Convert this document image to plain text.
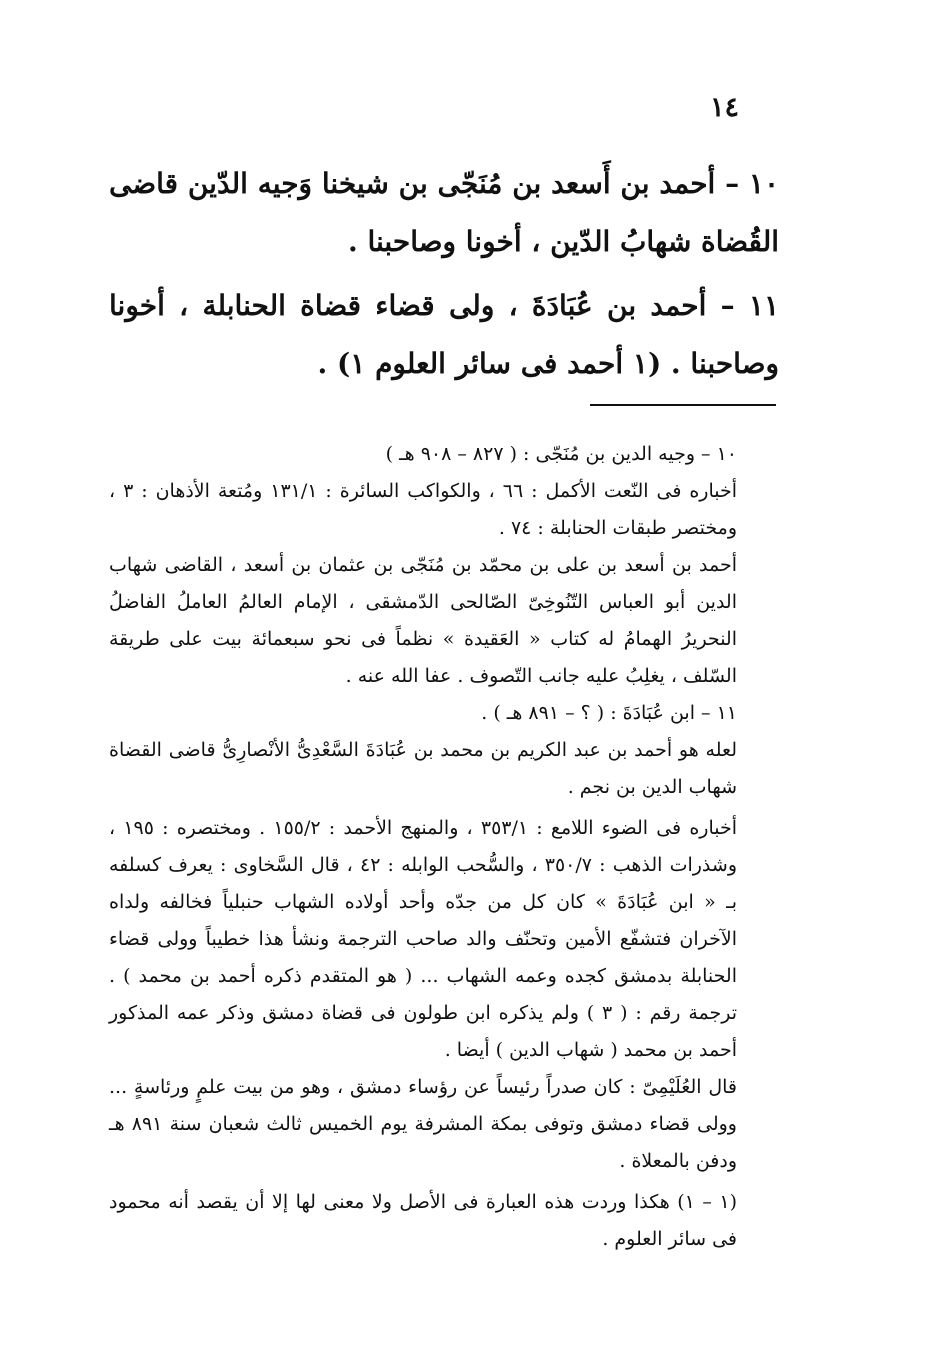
١٤

١٠ – أحمد بن أَسعد بن مُنَجّى بن شيخنا وَجيه الدّين قاضى القُضاة شهابُ الدّين ، أخونا وصاحبنا .

١١ – أحمد بن عُبَادَةَ ، ولى قضاء قضاة الحنابلة ، أخونا وصاحبنا . (١ أحمد فى سائر العلوم ١) .

١٠ – وجيه الدين بن مُنَجّى : ( ٨٢٧ – ٩٠٨ هـ )

أخباره فى النّعت الأكمل : ٦٦ ، والكواكب السائرة : ١٣١/١ ومُتعة الأذهان : ٣ ، ومختصر طبقات الحنابلة : ٧٤ .

أحمد بن أسعد بن على بن محمّد بن مُنَجّى بن عثمان بن أسعد ، القاضى شهاب الدين أبو العباس التّنُوخِىّ الصّالحى الدّمشقى ، الإمام العالمُ العاملُ الفاضلُ النحريرُ الهمامُ له كتاب « العَقيدة » نظماً فى نحو سبعمائة بيت على طريقة السّلف ، يغلِبُ عليه جانب التّصوف . عفا الله عنه .

١١ – ابن عُبَادَةَ : ( ؟ – ٨٩١ هـ ) .

لعله هو أحمد بن عبد الكريم بن محمد بن عُبَادَةَ السَّعْدِىُّ الأنْصارِىُّ قاضى القضاة شهاب الدين بن نجم .

أخباره فى الضوء اللامع : ٣٥٣/١ ، والمنهج الأحمد : ١٥٥/٢ . ومختصره : ١٩٥ ، وشذرات الذهب : ٣٥٠/٧ ، والسُّحب الوابله : ٤٢ ، قال السَّخاوى : يعرف كسلفه بـ « ابن عُبَادَةَ » كان كل من جدّه وأحد أولاده الشهاب حنبلياً فخالفه ولداه الآخران فتشفّع الأمين وتحنّف والد صاحب الترجمة ونشأ هذا خطيباً وولى قضاء الحنابلة بدمشق كجده وعمه الشهاب ... ( هو المتقدم ذكره أحمد بن محمد ) . ترجمة رقم : ( ٣ ) ولم يذكره ابن طولون فى قضاة دمشق وذكر عمه المذكور أحمد بن محمد ( شهاب الدين ) أيضا .

قال العُلَيْمِىّ : كان صدراً رئيساً عن رؤساء دمشق ، وهو من بيت علمٍ ورئاسةٍ ... وولى قضاء دمشق وتوفى بمكة المشرفة يوم الخميس ثالث شعبان سنة ٨٩١ هـ ودفن بالمعلاة .

(١ – ١) هكذا وردت هذه العبارة فى الأصل ولا معنى لها إلا أن يقصد أنه محمود فى سائر العلوم .
